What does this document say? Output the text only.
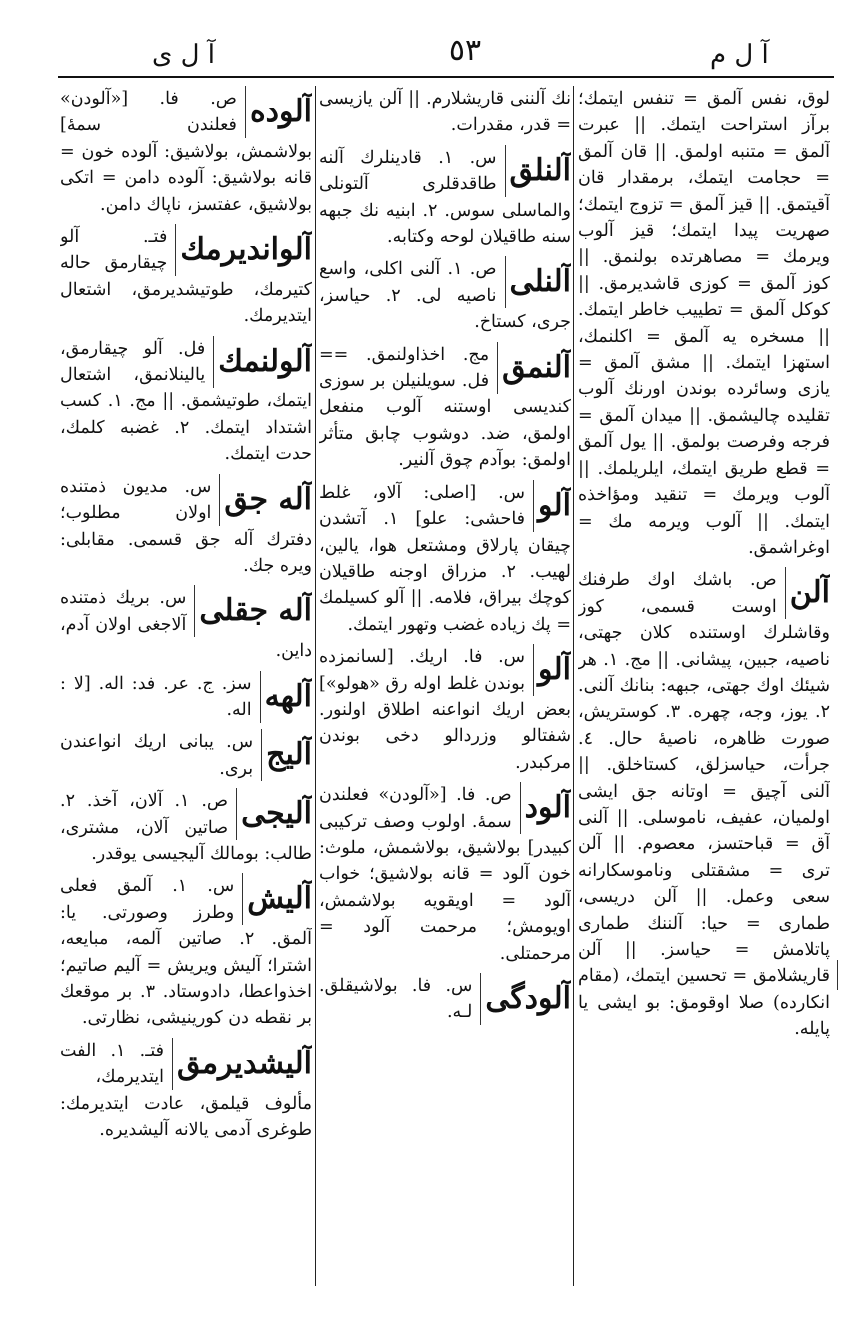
آ ل ی	٥٣	آ ل م
لوق، نفس آلمق = تنفس ايتمك؛ برآز استراحت ايتمك. || عبرت آلمق = متنبه اولمق. || قان آلمق = حجامت ايتمك، برمقدار قان آقيتمق. || قيز آلمق = تزوج ايتمك؛ صهريت پيدا ايتمك؛ قيز آلوب ويرمك = مصاهرتده بولنمق. || كوز آلمق = كوزی قاشدیرمق. || كوكل آلمق = تطييب خاطر ايتمك. || مسخره يه آلمق = اكلنمك، استهزا ايتمك. || مشق آلمق = يازی وسائرده بوندن اورنك آلوب تقليده چاليشمق. || ميدان آلمق = فرجه وفرصت بولمق. || يول آلمق = قطع طريق ايتمك، ايلريلمك. || آلوب ويرمك = تنقيد ومؤاخذه ايتمك. || آلوب ويرمه مك = اوغراشمق.
آلن
ص. باشك اوك طرفنك اوست قسمی، كوز وقاشلرك اوستنده كلان جهتی، ناصيه، جبين، پيشانی. || مج. ١. هر شيئك اوك جهتی، جبهه: بنانك آلنی. ٢. يوز، وجه، چهره. ٣. كوستريش، صورت ظاهره، ناصيهٔ حال. ٤. جرأت، حياسزلق، كستاخلق. || آلنی آچيق = اوتانه جق ايشی اولميان، عفيف، ناموسلی. || آلنی آق = قباحتسز، معصوم. || آلن تری = مشقتلی وناموسكارانه سعی وعمل. || آلن دريسی، طماری = حيا: آلننك طماری پاتلامش = حياسز. || آلن قاريشلامق = تحسين ايتمك، (مقام انكارده) صلا اوقومق: بو ايشی يا پايله.
نك آلننی قاريشلارم. || آلن يازيسی = قدر، مقدرات.
آلنلق
س. ١. قادينلرك آلنه طاقدقلری آلتونلی والماسلی سوس. ٢. ابنيه نك جبهه سنه طاقيلان لوحه وكتابه.
آلنلی
ص. ١. آلنی اكلی، واسع ناصيه لی. ٢. حياسز، جری، كستاخ.
آلنمق
مج. اخذاولنمق. == فل. سويلنيلن بر سوزی كنديسی اوستنه آلوب منفعل اولمق، ضد. دوشوب چابق متأثر اولمق: بوآدم چوق آلنير.
آلو
س. [اصلی: آلاو، غلط فاحشی: علو] ١. آتشدن چيقان پارلاق ومشتعل هوا، يالين، لهيب. ٢. مزراق اوجنه طاقيلان كوچك بيراق، فلامه. || آلو كسيلمك = پك زياده غضب وتهور ايتمك.
آلو
س. فا. اريك. [لسانمزده بوندن غلط اوله رق «هولو»] بعض اريك انواعنه اطلاق اولنور. شفتالو وزردالو دخی بوندن مركبدر.
آلود
ص. فا. [«آلودن» فعلندن سمهٔ. اولوب وصف تركيبی كبيدر] بولاشيق، بولاشمش، ملوث: خون آلود = قانه بولاشيق؛ خواب آلود = اويقويه بولاشمش، اويومش؛ مرحمت آلود = مرحمتلی.
آلودگی
س. فا. بولاشيقلق. لـه.
آلوده
ص. فا. [«آلودن» فعلندن سمهٔ] بولاشمش، بولاشيق: آلوده خون = قانه بولاشيق: آلوده دامن = اتكی بولاشيق، عفتسز، ناپاك دامن.
آلواندیرمك
فتـ. آلو چيقارمق حاله كتيرمك، طوتيشديرمق، اشتعال ايتديرمك.
آلولنمك
فل. آلو چيقارمق، يالينلانمق، اشتعال ايتمك، طوتيشمق. || مج. ١. كسب اشتداد ايتمك. ٢. غضبه كلمك، حدت ايتمك.
آله جق
س. مديون ذمتنده اولان مطلوب؛ دفترك آله جق قسمی. مقابلی: ويره جك.
آله جقلی
س. بريك ذمتنده آلاجغی اولان آدم، داين.
آلهه
سز. ج. عر. فد: اله. [لا : اله.
آليج
س. يبانی اريك انواعندن بری.
آليجی
ص. ١. آلان، آخذ. ٢. صاتين آلان، مشتری، طالب: بومالك آليجيسی يوقدر.
آليش
س. ١. آلمق فعلی وطرز وصورتی. يا: آلمق. ٢. صاتين آلمه، مبايعه، اشترا؛ آليش ويريش = آليم صاتيم؛ اخذواعطا، دادوستاد. ٣. بر موقعك بر نقطه دن كورينيشی، نظارتی.
آليشديرمق
فتـ. ١. الفت ايتديرمك، مألوف قيلمق، عادت ايتديرمك: طوغری آدمی يالانه آليشديره.
